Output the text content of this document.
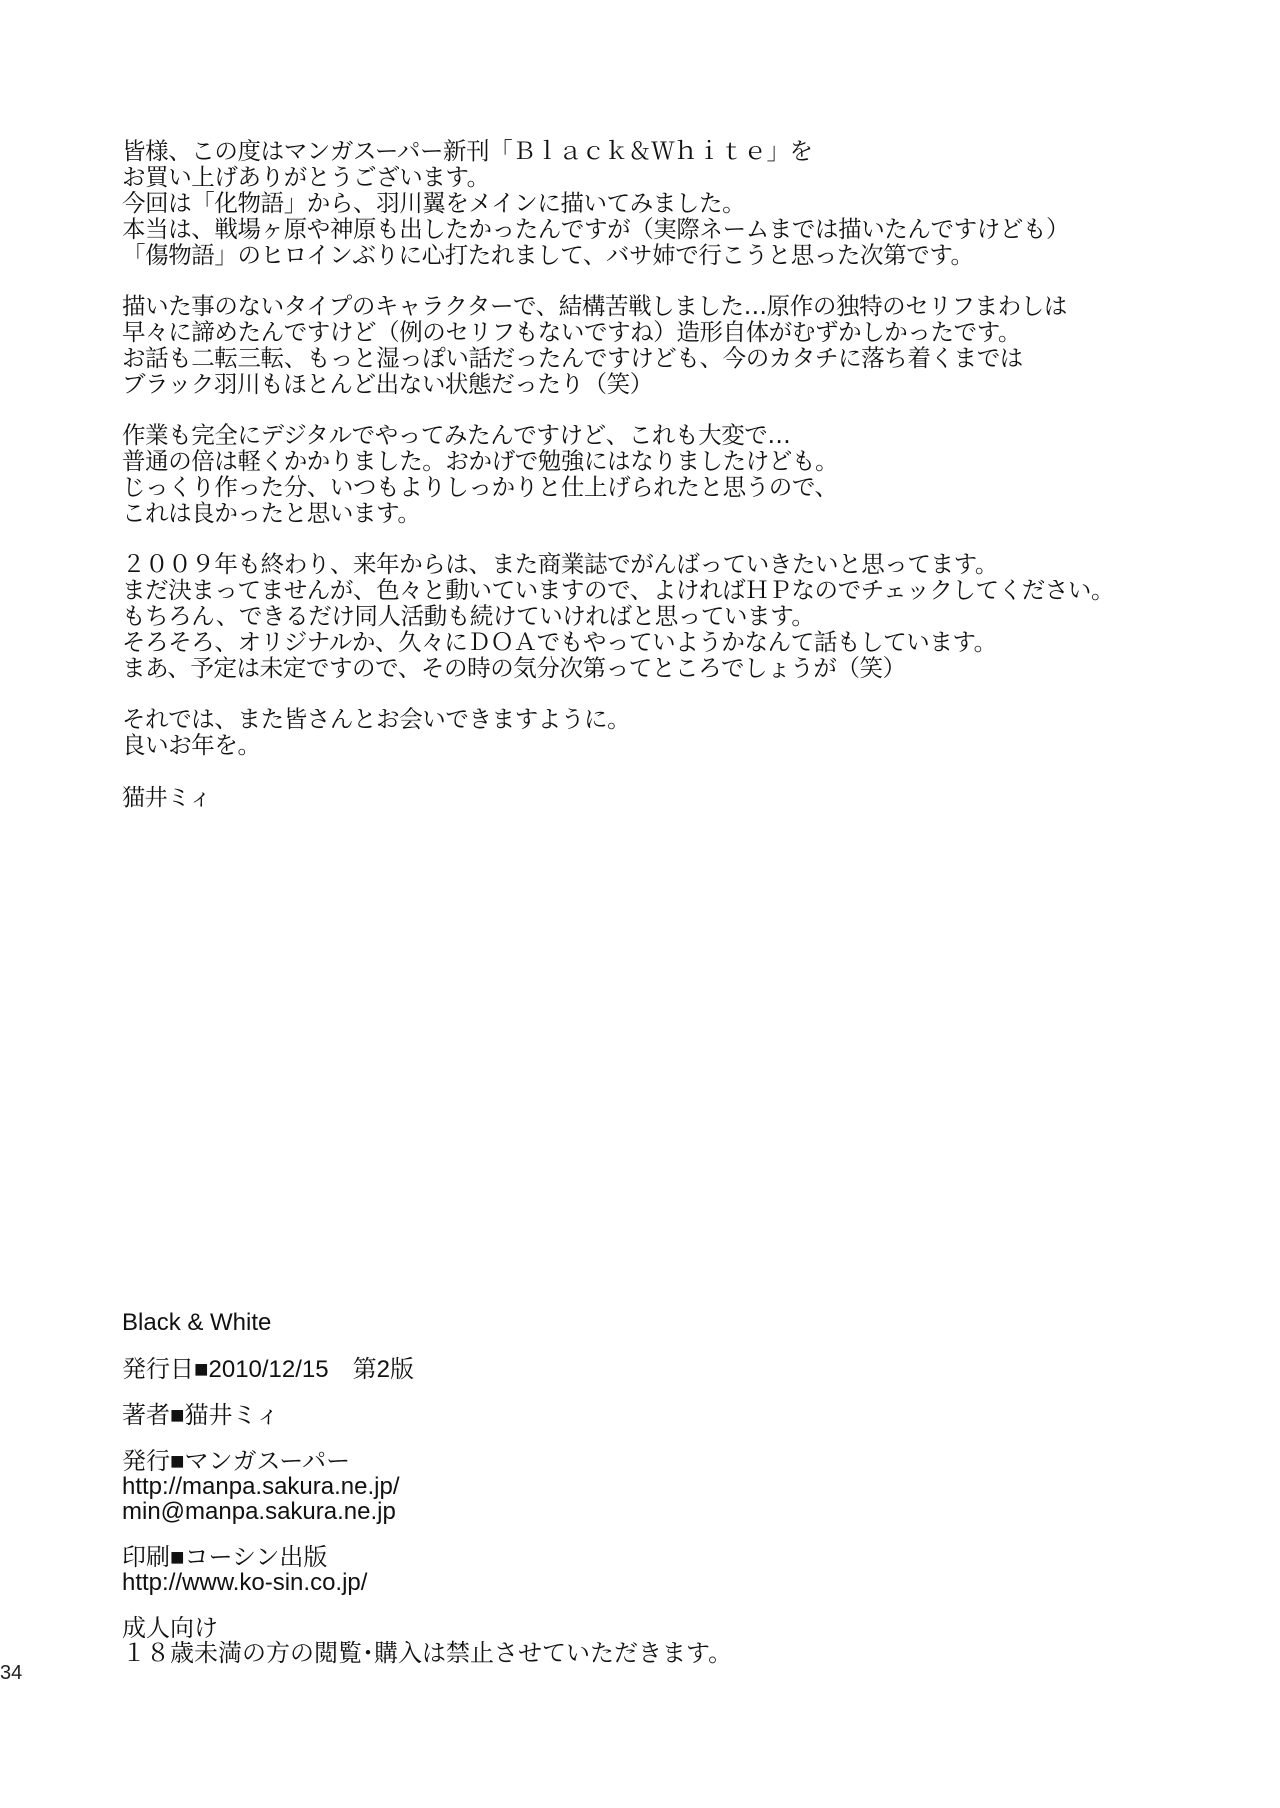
皆様、この度はマンガスーパー新刊「Ｂｌａｃｋ＆Ｗｈｉｔｅ」を
お買い上げありがとうございます。
今回は「化物語」から、羽川翼をメインに描いてみました。
本当は、戦場ヶ原や神原も出したかったんですが（実際ネームまでは描いたんですけども）
「傷物語」のヒロインぶりに心打たれまして、バサ姉で行こうと思った次第です。
描いた事のないタイプのキャラクターで、結構苦戦しました…原作の独特のセリフまわしは
早々に諦めたんですけど（例のセリフもないですね）造形自体がむずかしかったです。
お話も二転三転、もっと湿っぽい話だったんですけども、今のカタチに落ち着くまでは
ブラック羽川もほとんど出ない状態だったり（笑）
作業も完全にデジタルでやってみたんですけど、これも大変で…
普通の倍は軽くかかりました。おかげで勉強にはなりましたけども。
じっくり作った分、いつもよりしっかりと仕上げられたと思うので、
これは良かったと思います。
２００９年も終わり、来年からは、また商業誌でがんばっていきたいと思ってます。
まだ決まってませんが、色々と動いていますので、よければＨＰなのでチェックしてください。
もちろん、できるだけ同人活動も続けていければと思っています。
そろそろ、オリジナルか、久々にＤＯＡでもやっていようかなんて話もしています。
まあ、予定は未定ですので、その時の気分次第ってところでしょうが（笑）
それでは、また皆さんとお会いできますように。
良いお年を。
猫井ミィ
Black & White
発行日■2010/12/15　第2版
著者■猫井ミィ
発行■マンガスーパー
http://manpa.sakura.ne.jp/
min@manpa.sakura.ne.jp
印刷■コーシン出版
http://www.ko-sin.co.jp/
成人向け
１８歳未満の方の閲覧･購入は禁止させていただきます。
34
